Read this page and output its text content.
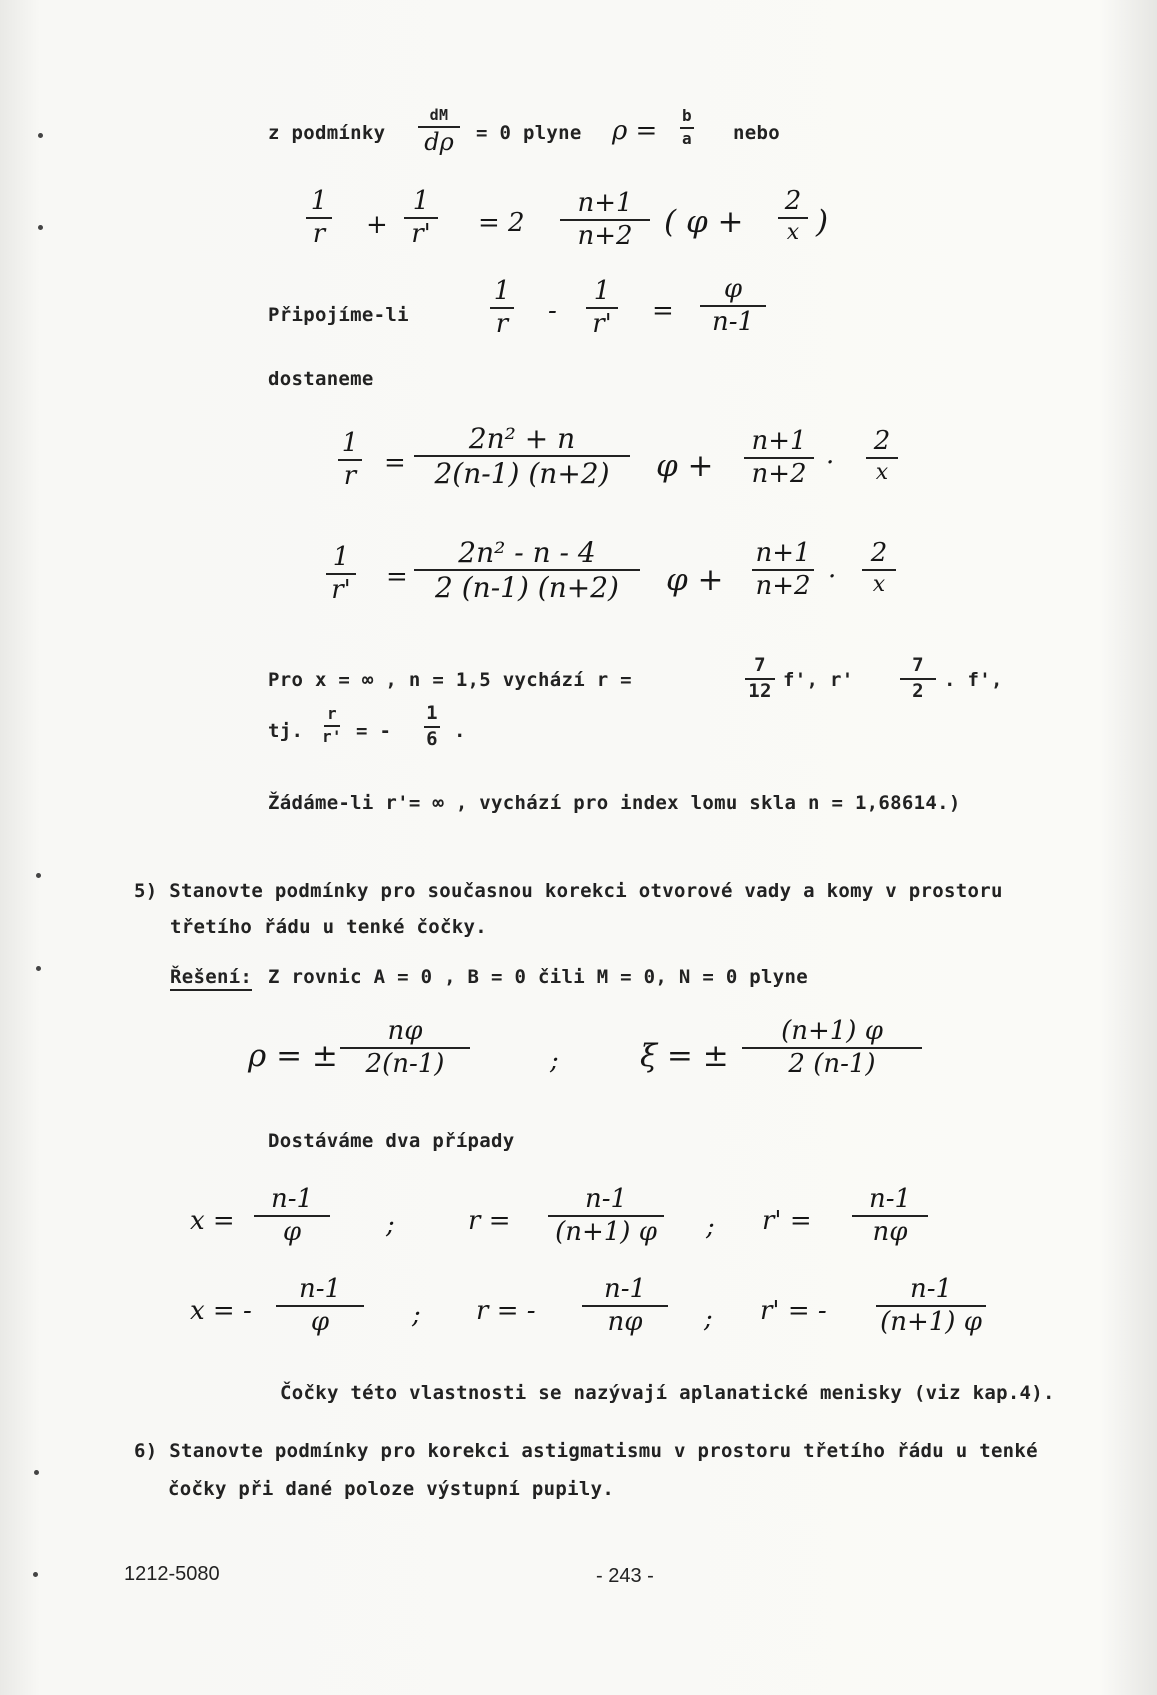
z podmínky
dM
dρ = 0 plyne ρ =
b
a nebo
1
r +
1
r' = 2
n+1
n+2 ( φ +
2
x )
Připojíme-li
1
r -
1
r' =
φ
n-1
dostaneme
1
r =
2n² + n
2(n-1) (n+2) φ +
n+1
n+2 ·
2
x
1
r' =
2n² - n - 4
2 (n-1) (n+2) φ +
n+1
n+2 ·
2
x
Pro x = ∞ , n = 1,5 vychází r =
7
12 f', r'
7
2 . f',
tj.
r
r' = -
1
6 .
Žádáme-li r'= ∞ , vychází pro index lomu skla n = 1,68614.)
5) Stanovte podmínky pro současnou korekci otvorové vady a komy v prostoru
třetího řádu u tenké čočky.
Řešení: Z rovnic A = 0 , B = 0 čili M = 0, N = 0 plyne
ρ = ±
nφ
2(n-1)	;	ξ = ±
(n+1) φ
2 (n-1)
Dostáváme dva případy
x =
n-1
φ	;	r =
n-1
(n+1) φ ; r' =
n-1
nφ
x = -
n-1
φ	; r = -
n-1
nφ ; r' = -
n-1
(n+1) φ
Čočky této vlastnosti se nazývají aplanatické menisky (viz kap.4).
6) Stanovte podmínky pro korekci astigmatismu v prostoru třetího řádu u tenké
čočky při dané poloze výstupní pupily.
1212-5080	- 243 -
